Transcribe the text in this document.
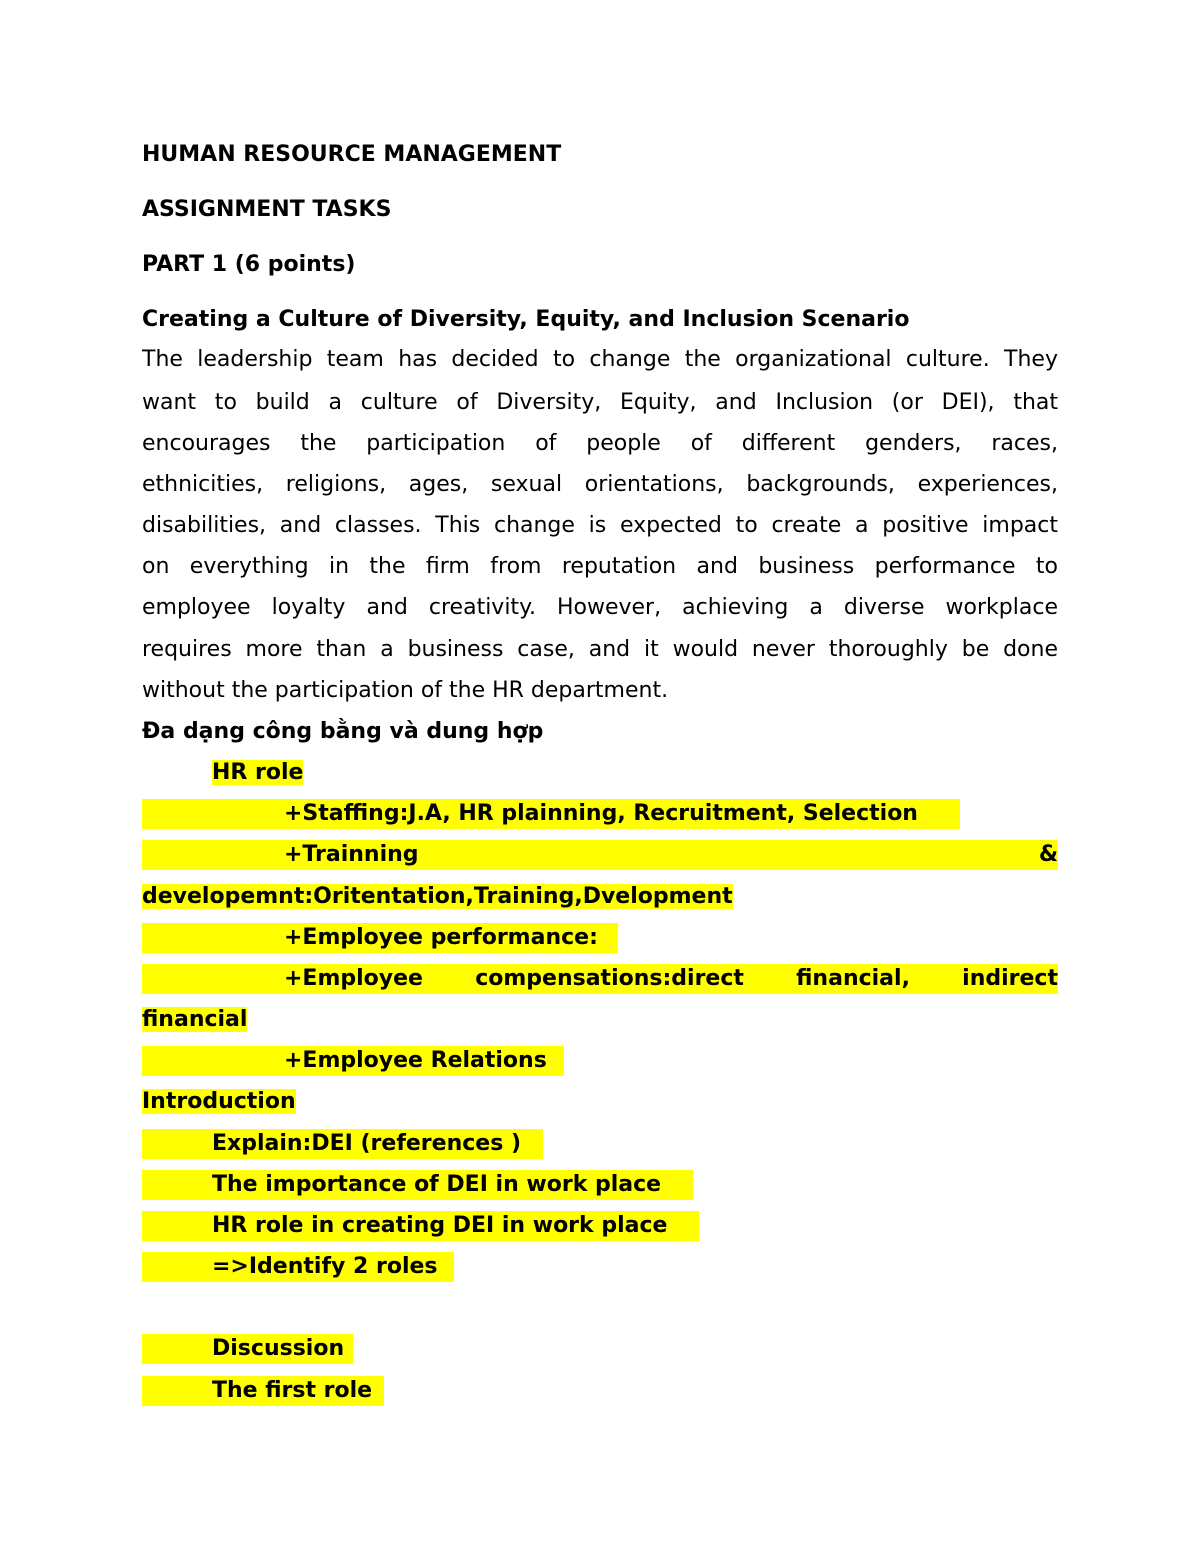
HUMAN RESOURCE MANAGEMENT
ASSIGNMENT TASKS
PART 1 (6 points)
Creating a Culture of Diversity, Equity, and Inclusion Scenario
The leadership team has decided to change the organizational culture. They
want to build a culture of Diversity, Equity, and Inclusion (or DEI), that
encourages the participation of people of different genders, races,
ethnicities, religions, ages, sexual orientations, backgrounds, experiences,
disabilities, and classes. This change is expected to create a positive impact
on everything in the firm from reputation and business performance to
employee loyalty and creativity. However, achieving a diverse workplace
requires more than a business case, and it would never thoroughly be done
without the participation of the HR department.
Đa dạng công bằng và dung hợp
HR role
+Staffing:J.A, HR plainning, Recruitment, Selection
+Trainning	&
developemnt:Oritentation,Training,Dvelopment
+Employee performance:
+Employee compensations:direct financial, indirect
financial
+Employee Relations
Introduction
Explain:DEI (references )
The importance of DEI in work place
HR role in creating DEI in work place
=>Identify 2 roles
Discussion
The first role
